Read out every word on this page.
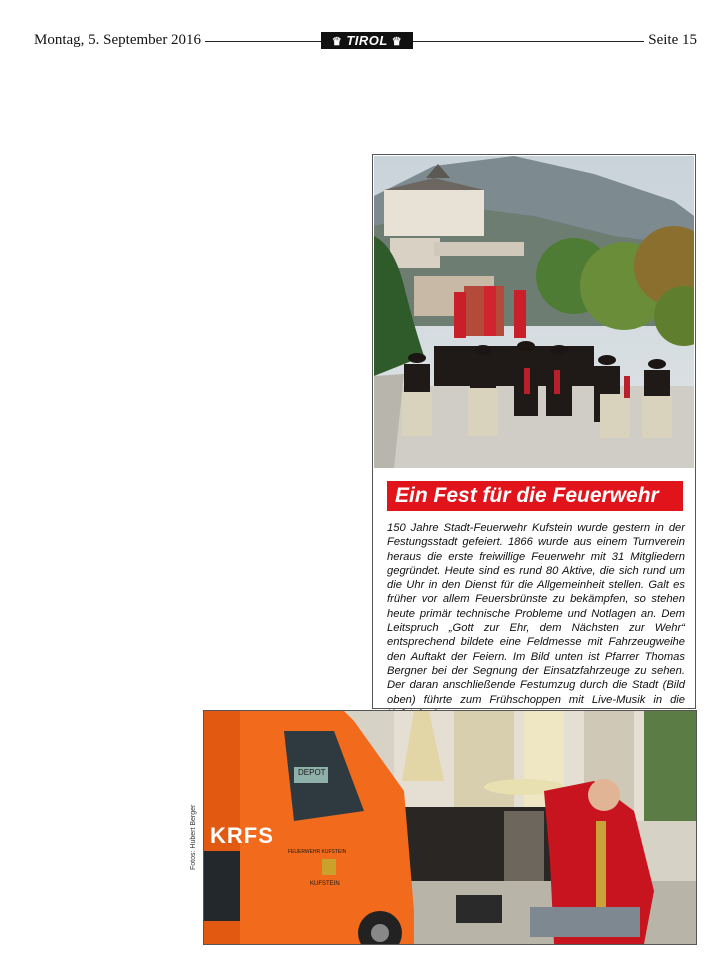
Montag, 5. September 2016	♛ TIROL ♛	Seite 15
Ein Fest für die Feuerwehr
150 Jahre Stadt-Feuerwehr Kufstein wurde gestern in der Festungsstadt gefeiert. 1866 wurde aus einem Turnverein heraus die erste freiwillige Feuerwehr mit 31 Mitgliedern gegründet. Heute sind es rund 80 Aktive, die sich rund um die Uhr in den Dienst für die Allgemeinheit stellen. Galt es früher vor allem Feuersbrünste zu bekämpfen, so stehen heute primär technische Probleme und Notlagen an. Dem Leitspruch „Gott zur Ehr, dem Nächsten zur Wehr“ entsprechend bildete eine Feldmesse mit Fahrzeugweihe den Auftakt der Feiern. Im Bild unten ist Pfarrer Thomas Bergner bei der Segnung der Einsatzfahrzeuge zu sehen. Der daran anschließende Festumzug durch die Stadt (Bild oben) führte zum Frühschoppen mit Live-Musik in die
KRFS
FEUERWEHR KUFSTEIN
KUFSTEIN
DEPOT
Fotos: Hubert Berger
